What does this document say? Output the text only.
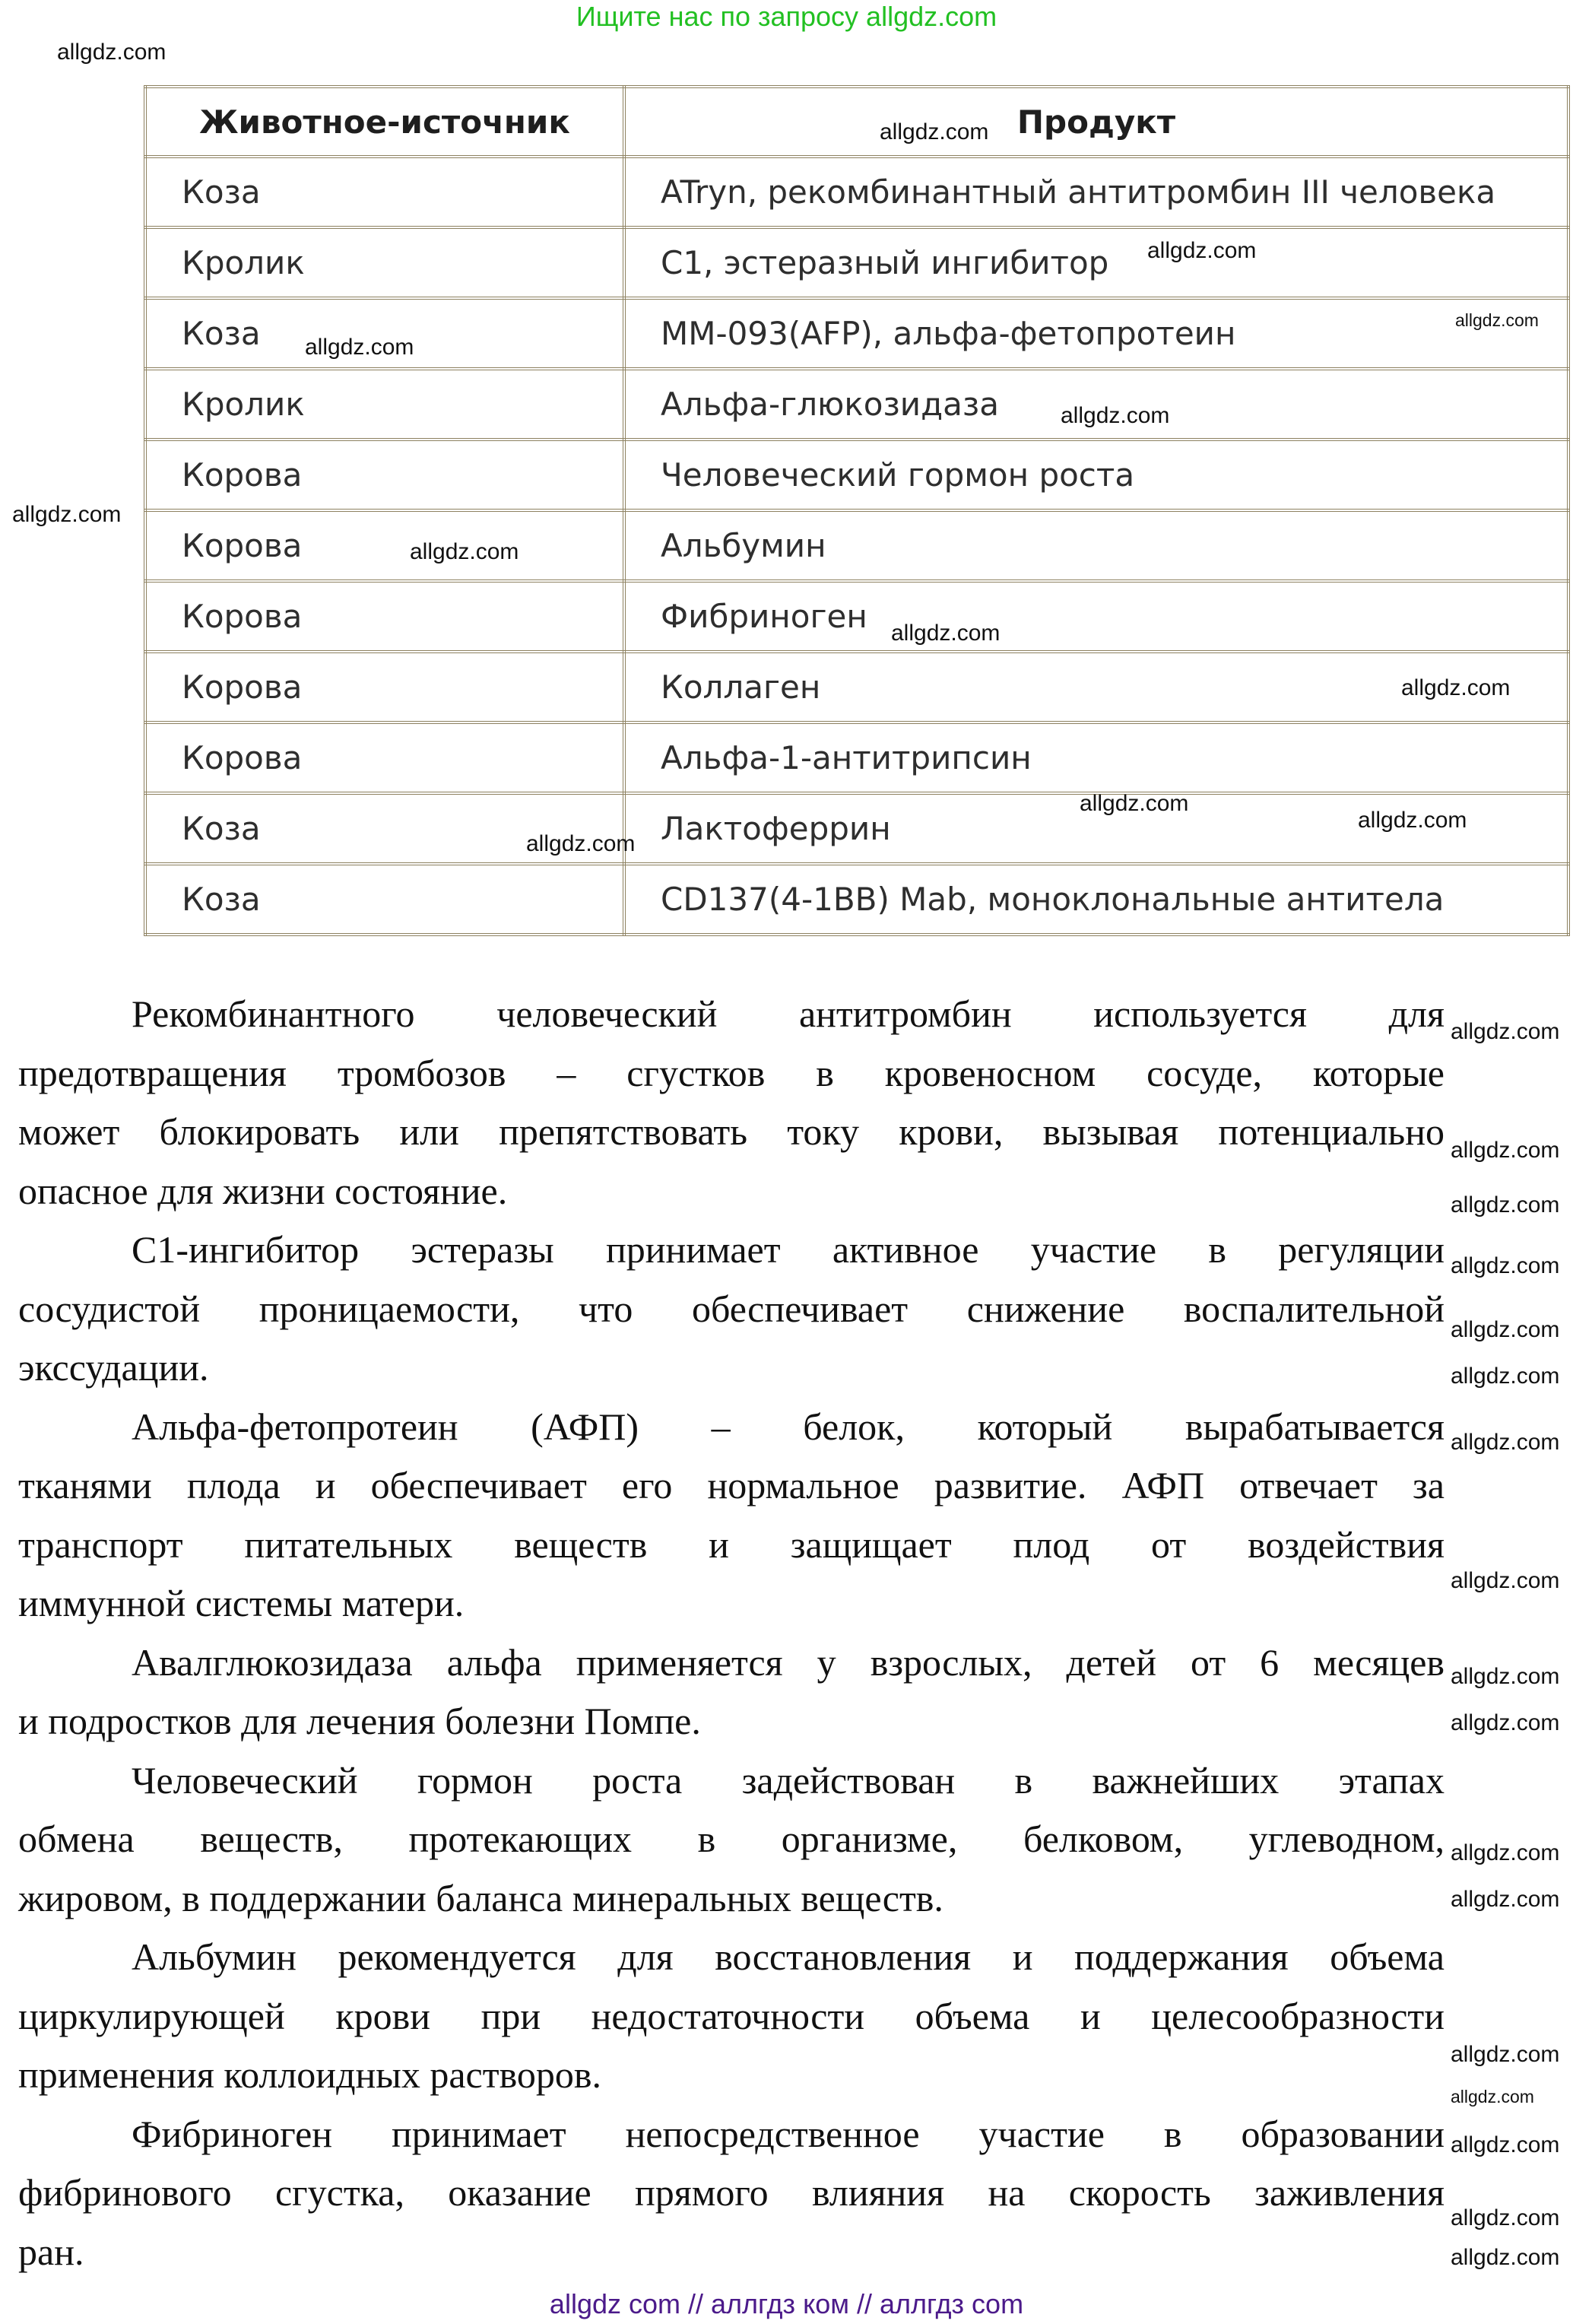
Ищите нас по запросу allgdz.com
Животное-источник	Продукт
Коза	ATryn, рекомбинантный антитромбин III человека
Кролик	С1, эстеразный ингибитор
Коза	MM-093(AFP), альфа-фетопротеин
Кролик	Альфа-глюкозидаза
Корова	Человеческий гормон роста
Корова	Альбумин
Корова	Фибриноген
Корова	Коллаген
Корова	Альфа-1-антитрипсин
Коза	Лактоферрин
Коза	CD137(4-1BB) Mab, моноклональные антитела
Рекомбинантного человеческий антитромбин используется для
предотвращения тромбозов – сгустков в кровеносном сосуде, которые
может блокировать или препятствовать току крови, вызывая потенциально
опасное для жизни состояние.
С1-ингибитор эстеразы принимает активное участие в регуляции
сосудистой проницаемости, что обеспечивает снижение воспалительной
экссудации.
Альфа-фетопротеин (АФП) – белок, который вырабатывается
тканями плода и обеспечивает его нормальное развитие. АФП отвечает за
транспорт питательных веществ и защищает плод от воздействия
иммунной системы матери.
Авалглюкозидаза альфа применяется у взрослых, детей от 6 месяцев
и подростков для лечения болезни Помпе.
Человеческий гормон роста задействован в важнейших этапах
обмена веществ, протекающих в организме, белковом, углеводном,
жировом, в поддержании баланса минеральных веществ.
Альбумин рекомендуется для восстановления и поддержания объема
циркулирующей крови при недостаточности объема и целесообразности
применения коллоидных растворов.
Фибриноген принимает непосредственное участие в образовании
фибринового сгустка, оказание прямого влияния на скорость заживления
ран.
allgdz.com
allgdz.com
allgdz.com
allgdz.com
allgdz.com
allgdz.com
allgdz.com
allgdz.com
allgdz.com
allgdz.com
allgdz.com
allgdz.com
allgdz.com
allgdz.com
allgdz.com
allgdz.com
allgdz.com
allgdz.com
allgdz.com
allgdz.com
allgdz.com
allgdz.com
allgdz.com
allgdz.com
allgdz.com
allgdz.com
allgdz.com
allgdz.com
allgdz.com
allgdz.com
allgdz com // аллгдз ком // аллгдз com
